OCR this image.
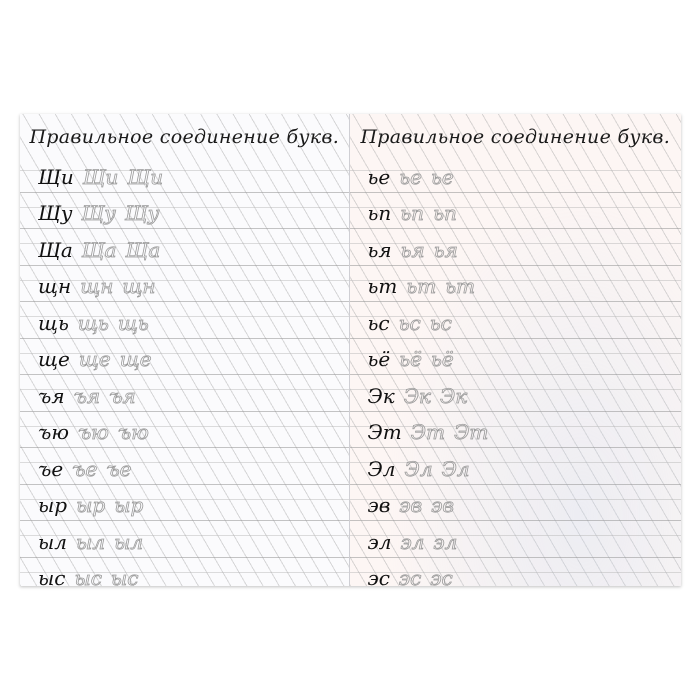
Правильное соединение букв.
Щи Щи Щи
Щу Щу Щу
Ща Ща Ща
щн щн щн
щь щь щь
щe щe щe
ъя ъя ъя
ъю ъю ъю
ъе ъе ъе
ыр ыр ыр
ыл ыл ыл
ыс ыс ыс
Правильное соединение букв.
ье ье ье
ьп ьп ьп
ья ья ья
ьт ьт ьт
ьс ьс ьс
ьё ьё ьё
Эк Эк Эк
Эт Эт Эт
Эл Эл Эл
эв эв эв
эл эл эл
эс эс эс
